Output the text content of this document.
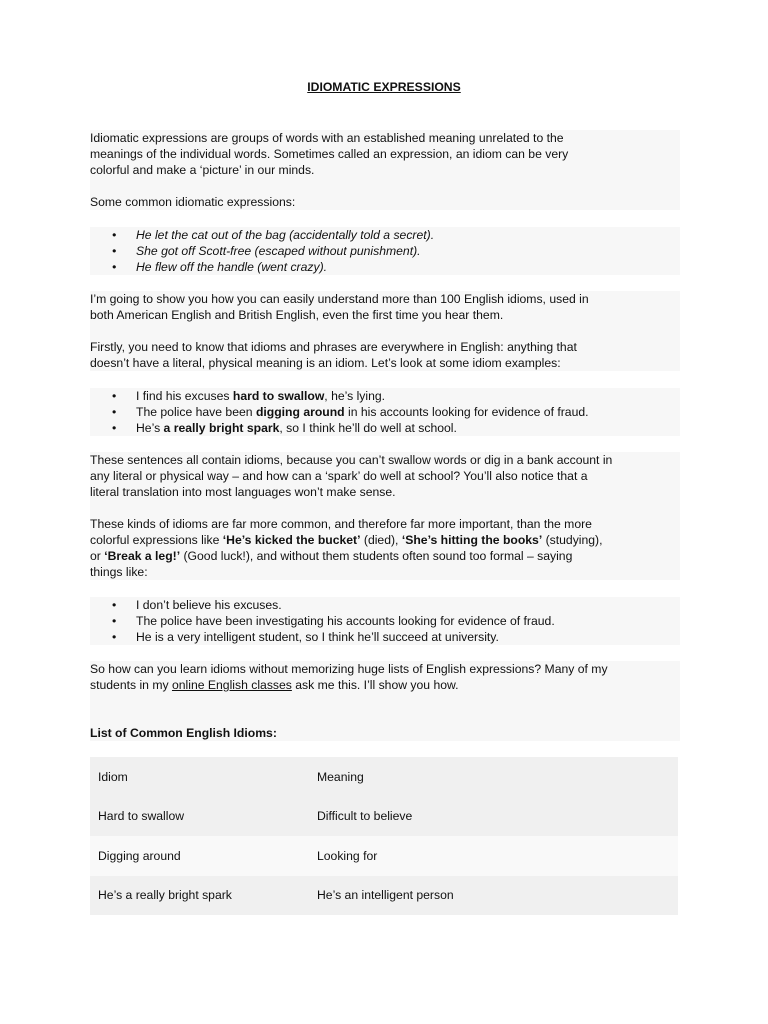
IDIOMATIC EXPRESSIONS

Idiomatic expressions are groups of words with an established meaning unrelated to the

meanings of the individual words. Sometimes called an expression, an idiom can be very

colorful and make a ‘picture’ in our minds.

Some common idiomatic expressions:

• He let the cat out of the bag (accidentally told a secret).
• She got off Scott-free (escaped without punishment).
• He flew off the handle (went crazy).

I’m going to show you how you can easily understand more than 100 English idioms, used in

both American English and British English, even the first time you hear them.

Firstly, you need to know that idioms and phrases are everywhere in English: anything that

doesn’t have a literal, physical meaning is an idiom. Let’s look at some idiom examples:

• I find his excuses hard to swallow, he’s lying.
• The police have been digging around in his accounts looking for evidence of fraud.
• He’s a really bright spark, so I think he’ll do well at school.

These sentences all contain idioms, because you can’t swallow words or dig in a bank account in

any literal or physical way – and how can a ‘spark’ do well at school? You’ll also notice that a

literal translation into most languages won’t make sense.

These kinds of idioms are far more common, and therefore far more important, than the more

colorful expressions like ‘He’s kicked the bucket’ (died), ‘She’s hitting the books’ (studying),

or ‘Break a leg!’ (Good luck!), and without them students often sound too formal – saying

things like:

• I don’t believe his excuses.
• The police have been investigating his accounts looking for evidence of fraud.
• He is a very intelligent student, so I think he’ll succeed at university.

So how can you learn idioms without memorizing huge lists of English expressions? Many of my

students in my online English classes ask me this. I’ll show you how.

List of Common English Idioms:

Idiom	Meaning
Hard to swallow	Difficult to believe
Digging around	Looking for
He’s a really bright spark	He’s an intelligent person
